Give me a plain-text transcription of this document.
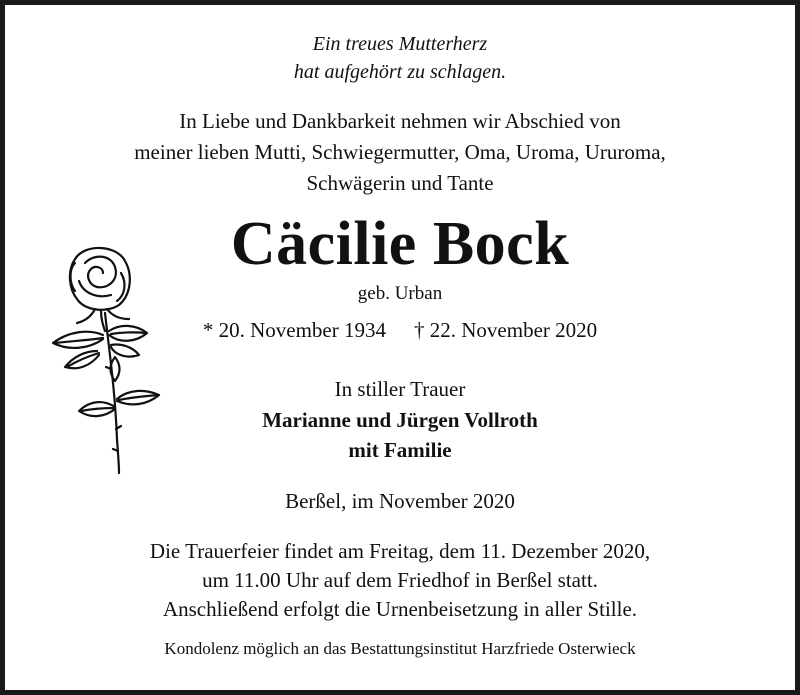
Ein treues Mutterherz
hat aufgehört zu schlagen.
In Liebe und Dankbarkeit nehmen wir Abschied von
meiner lieben Mutti, Schwiegermutter, Oma, Uroma, Ururoma,
Schwägerin und Tante
Cäcilie Bock
geb. Urban
* 20. November 1934 † 22. November 2020
In stiller Trauer
Marianne und Jürgen Vollroth
mit Familie
Berßel, im November 2020
Die Trauerfeier findet am Freitag, dem 11. Dezember 2020,
um 11.00 Uhr auf dem Friedhof in Berßel statt.
Anschließend erfolgt die Urnenbeisetzung in aller Stille.
Kondolenz möglich an das Bestattungsinstitut Harzfriede Osterwieck
